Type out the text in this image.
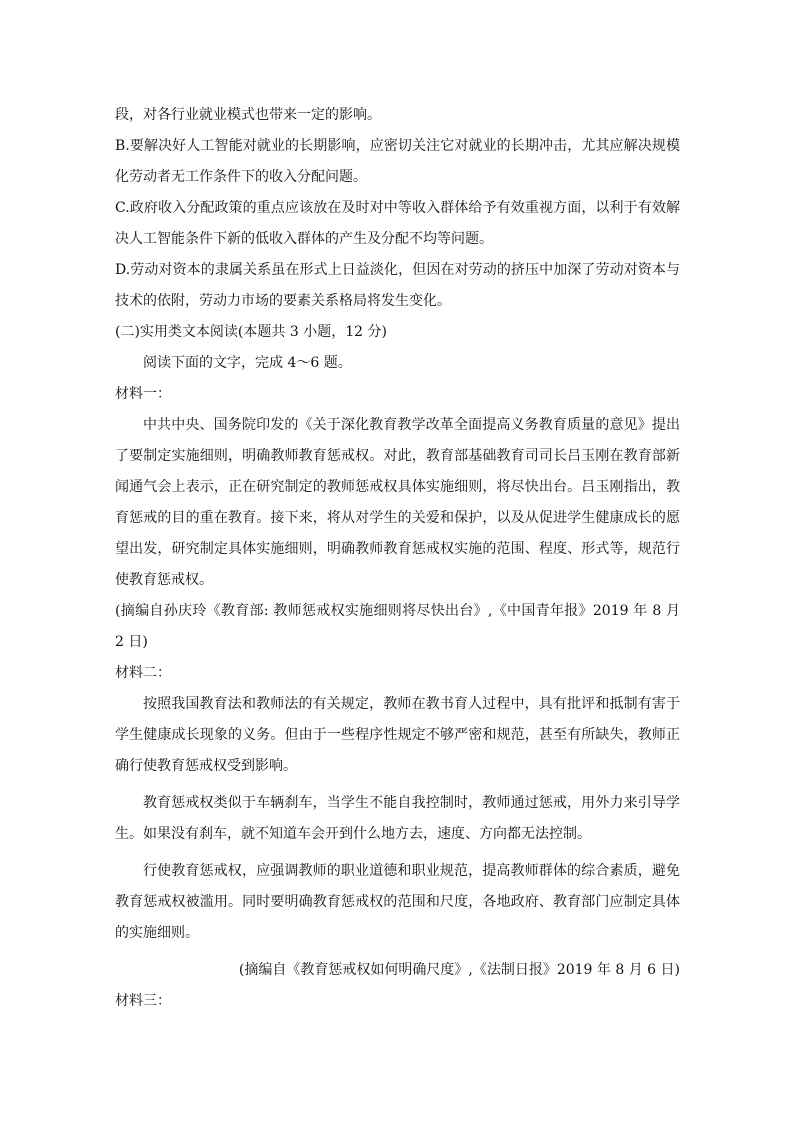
段，对各行业就业模式也带来一定的影响。

B.要解决好人工智能对就业的长期影响，应密切关注它对就业的长期冲击，尤其应解决规模化劳动者无工作条件下的收入分配问题。

C.政府收入分配政策的重点应该放在及时对中等收入群体给予有效重视方面，以利于有效解决人工智能条件下新的低收入群体的产生及分配不均等问题。

D.劳动对资本的隶属关系虽在形式上日益淡化，但因在对劳动的挤压中加深了劳动对资本与技术的依附，劳动力市场的要素关系格局将发生变化。

(二)实用类文本阅读(本题共 3 小题，12 分)

阅读下面的文字，完成 4～6 题。

材料一：

中共中央、国务院印发的《关于深化教育教学改革全面提高义务教育质量的意见》提出了要制定实施细则，明确教师教育惩戒权。对此，教育部基础教育司司长吕玉刚在教育部新闻通气会上表示，正在研究制定的教师惩戒权具体实施细则，将尽快出台。吕玉刚指出，教育惩戒的目的重在教育。接下来，将从对学生的关爱和保护，以及从促进学生健康成长的愿望出发，研究制定具体实施细则，明确教师教育惩戒权实施的范围、程度、形式等，规范行使教育惩戒权。

(摘编自孙庆玲《教育部: 教师惩戒权实施细则将尽快出台》,《中国青年报》2019 年 8 月 2 日)

材料二：

按照我国教育法和教师法的有关规定，教师在教书育人过程中，具有批评和抵制有害于学生健康成长现象的义务。但由于一些程序性规定不够严密和规范，甚至有所缺失，教师正确行使教育惩戒权受到影响。

教育惩戒权类似于车辆刹车，当学生不能自我控制时，教师通过惩戒，用外力来引导学生。如果没有刹车，就不知道车会开到什么地方去，速度、方向都无法控制。

行使教育惩戒权，应强调教师的职业道德和职业规范，提高教师群体的综合素质，避免教育惩戒权被滥用。同时要明确教育惩戒权的范围和尺度，各地政府、教育部门应制定具体的实施细则。

(摘编自《教育惩戒权如何明确尺度》,《法制日报》2019 年 8 月 6 日)

材料三：
